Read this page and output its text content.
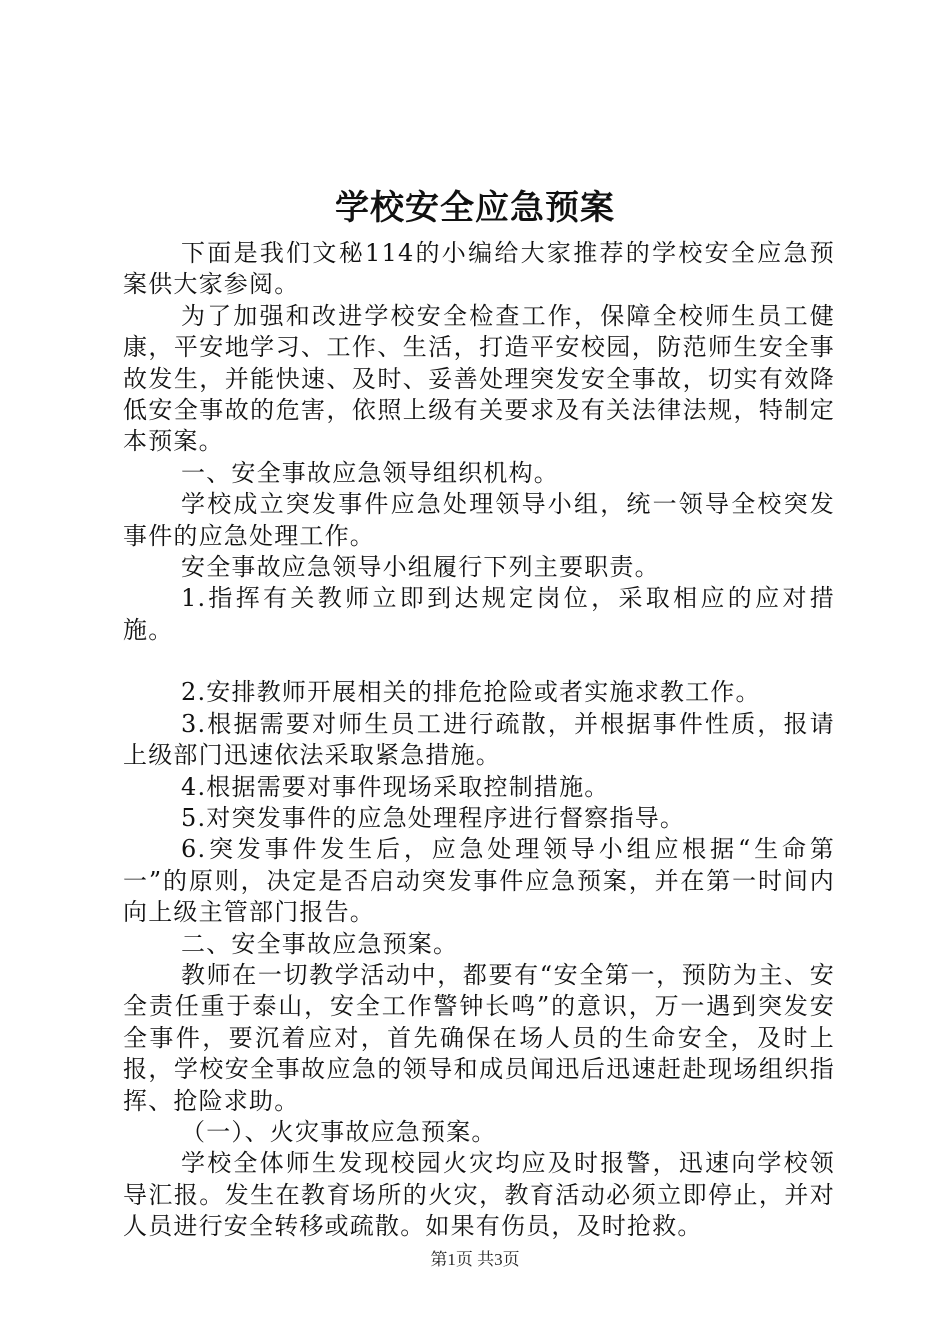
学校安全应急预案

下面是我们文秘114的小编给大家推荐的学校安全应急预案供大家参阅。

为了加强和改进学校安全检查工作，保障全校师生员工健康，平安地学习、工作、生活，打造平安校园，防范师生安全事故发生，并能快速、及时、妥善处理突发安全事故，切实有效降低安全事故的危害，依照上级有关要求及有关法律法规，特制定本预案。

一、安全事故应急领导组织机构。

学校成立突发事件应急处理领导小组，统一领导全校突发事件的应急处理工作。

安全事故应急领导小组履行下列主要职责。

1.指挥有关教师立即到达规定岗位，采取相应的应对措施。

2.安排教师开展相关的排危抢险或者实施求教工作。

3.根据需要对师生员工进行疏散，并根据事件性质，报请上级部门迅速依法采取紧急措施。

4.根据需要对事件现场采取控制措施。

5.对突发事件的应急处理程序进行督察指导。

6.突发事件发生后，应急处理领导小组应根据“生命第一”的原则，决定是否启动突发事件应急预案，并在第一时间内向上级主管部门报告。

二、安全事故应急预案。

教师在一切教学活动中，都要有“安全第一，预防为主、安全责任重于泰山，安全工作警钟长鸣”的意识，万一遇到突发安全事件，要沉着应对，首先确保在场人员的生命安全，及时上报，学校安全事故应急的领导和成员闻迅后迅速赶赴现场组织指挥、抢险求助。

（一）、火灾事故应急预案。

学校全体师生发现校园火灾均应及时报警，迅速向学校领导汇报。发生在教育场所的火灾，教育活动必须立即停止，并对人员进行安全转移或疏散。如果有伤员，及时抢救。

第1页 共3页
